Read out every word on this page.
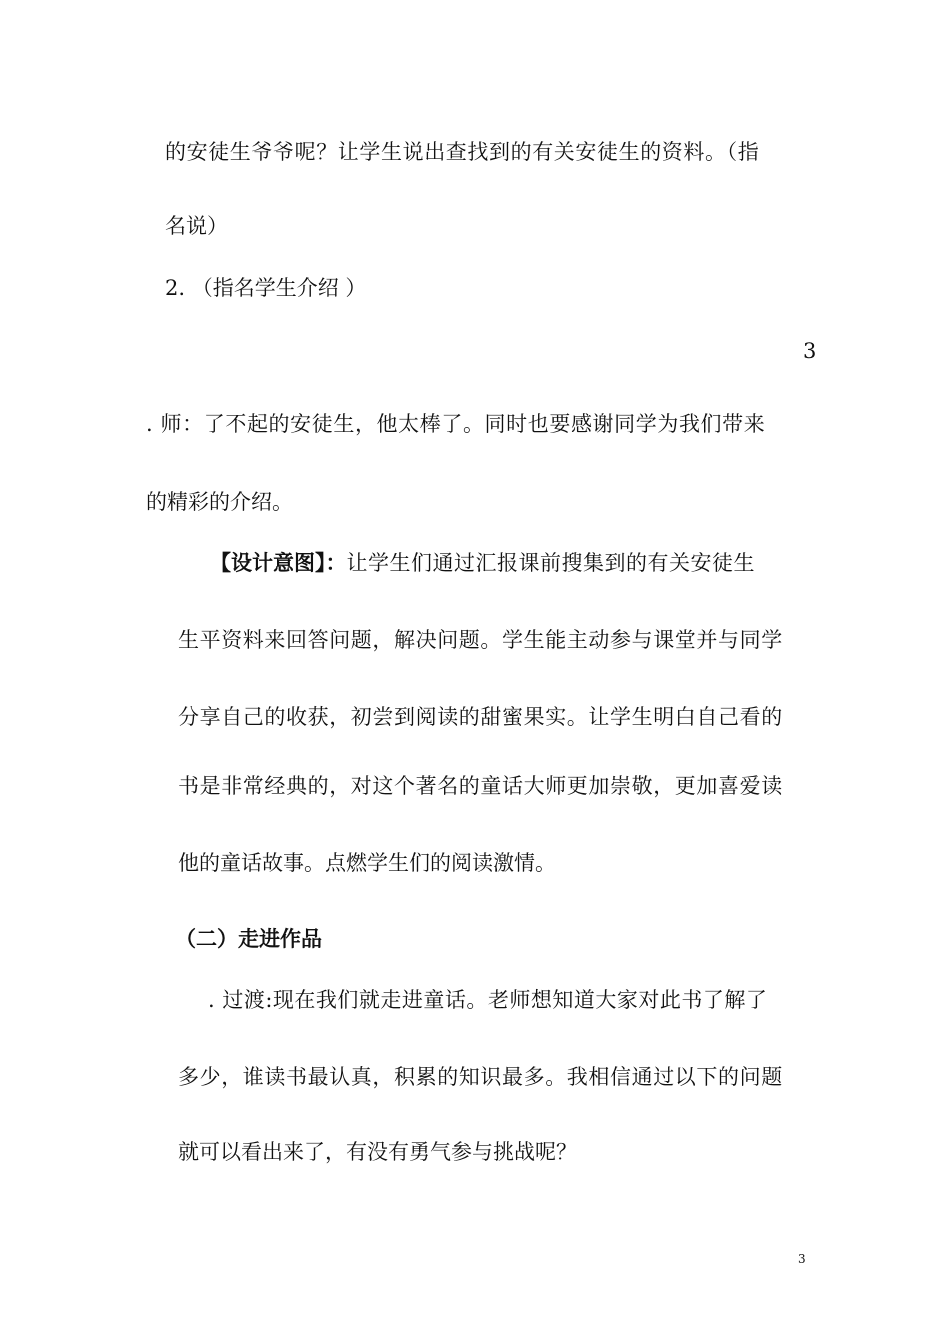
的安徒生爷爷呢？让学生说出查找到的有关安徒生的资料。（指
名说）
2. （指名学生介绍 ）
3
. 师：了不起的安徒生，他太棒了。同时也要感谢同学为我们带来
的精彩的介绍。
【设计意图】：让学生们通过汇报课前搜集到的有关安徒生
生平资料来回答问题，解决问题。学生能主动参与课堂并与同学
分享自己的收获，初尝到阅读的甜蜜果实。让学生明白自己看的
书是非常经典的，对这个著名的童话大师更加崇敬，更加喜爱读
他的童话故事。点燃学生们的阅读激情。
（二）走进作品
. 过渡:现在我们就走进童话。老师想知道大家对此书了解了
多少，谁读书最认真，积累的知识最多。我相信通过以下的问题
就可以看出来了，有没有勇气参与挑战呢？
3
